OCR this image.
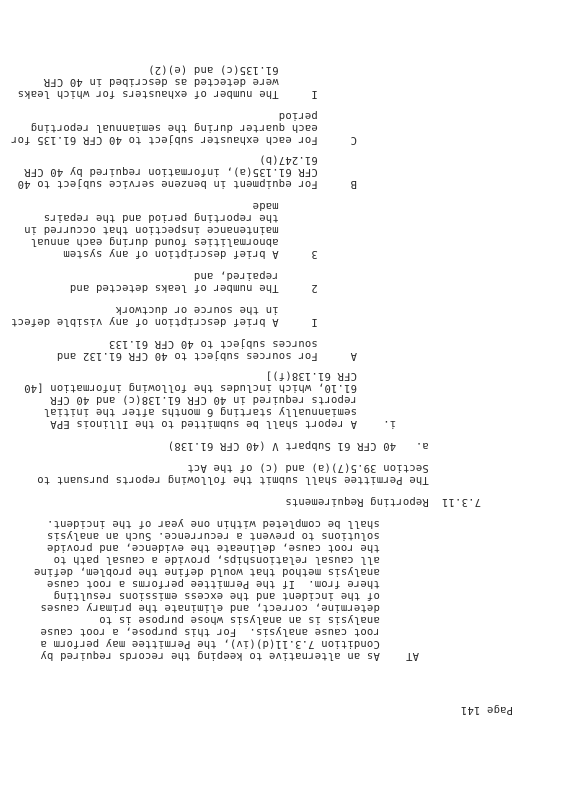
Page 141
AT    As an alternative to keeping the records required by
Condition 7.3.11(d)(iv), the Permittee may perform a
root cause analysis.  For this purpose, a root cause
analysis is an analysis whose purpose is to
determine, correct, and eliminate the primary causes
of the incident and the excess emissions resulting
there from.  If the Permittee performs a root cause
analysis method that would define the problem, define
all causal relationships, provide a causal path to
the root cause, delineate the evidence, and provide
solutions to prevent a recurrence. Such an analysis
shall be completed within one year of the incident.
7.3.11  Reporting Requirements
The Permittee shall submit the following reports pursuant to
Section 39.5(7)(a) and (c) of the Act
a.   40 CFR 61 Subpart V (40 CFR 61.138)
i.    A report shall be submitted to the Illinois EPA
semiannually starting 6 months after the initial
reports required in 40 CFR 61.138(c) and 40 CFR
61.10, which includes the following information [40
CFR 61.138(f)]
A     For sources subject to 40 CFR 61.132 and
sources subject to 40 CFR 61.133
I     A brief description of any visible defect
in the source or ductwork
2     The number of leaks detected and
repaired, and
3     A brief description of any system
abnormalities found during each annual
maintenance inspection that occurred in
the reporting period and the repairs
made
B     For equipment in benzene service subject to 40
CFR 61.135(a), information required by 40 CFR
61.247(b)
C     For each exhauster subject to 40 CFR 61.135 for
each quarter during the semiannual reporting
period
I     The number of exhausters for which leaks
were detected as described in 40 CFR
61.135(c) and (e)(2)
